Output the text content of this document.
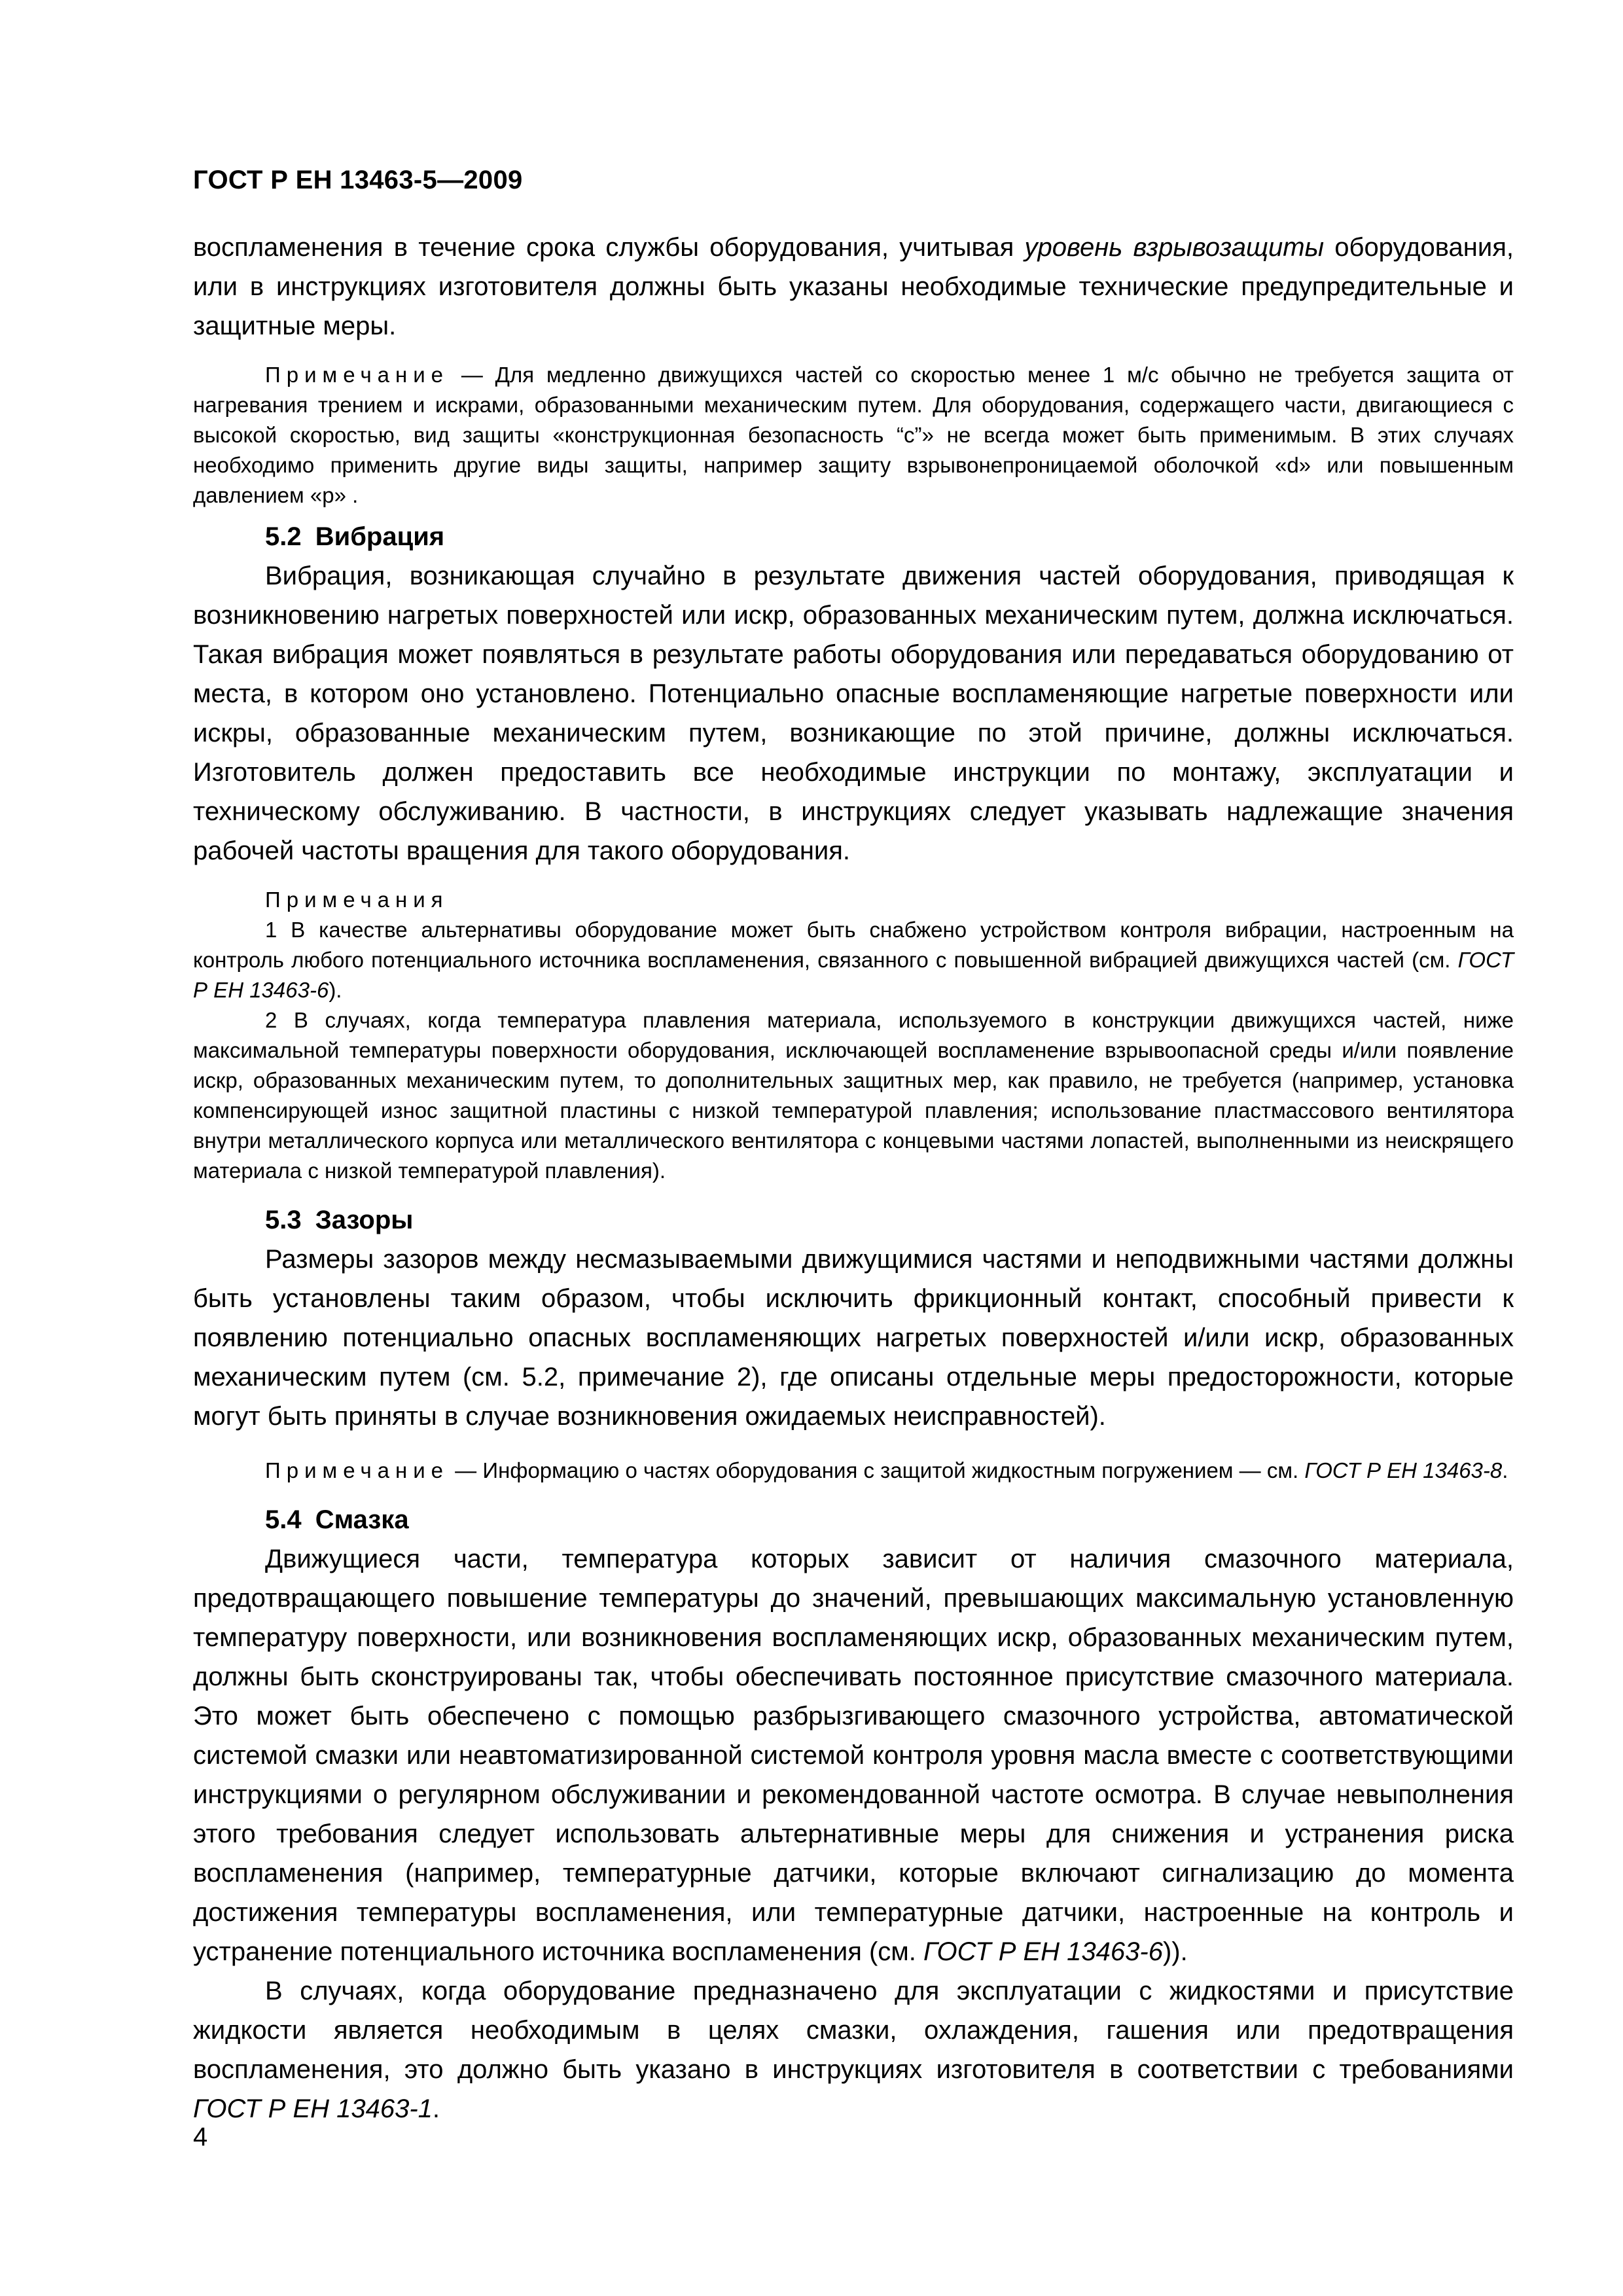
ГОСТ Р ЕН 13463-5—2009

воспламенения в течение срока службы оборудования, учитывая уровень взрывозащиты оборудования, или в инструкциях изготовителя должны быть указаны необходимые технические предупредительные и защитные меры.

Примечание — Для медленно движущихся частей со скоростью менее 1 м/с обычно не требуется защита от нагревания трением и искрами, образованными механическим путем. Для оборудования, содержащего части, двигающиеся с высокой скоростью, вид защиты «конструкционная безопасность “с”» не всегда может быть применимым. В этих случаях необходимо применить другие виды защиты, например защиту взрывонепроницаемой оболочкой «d» или повышенным давлением «р» .

5.2 Вибрация

Вибрация, возникающая случайно в результате движения частей оборудования, приводящая к возникновению нагретых поверхностей или искр, образованных механическим путем, должна исключаться. Такая вибрация может появляться в результате работы оборудования или передаваться оборудованию от места, в котором оно установлено. Потенциально опасные воспламеняющие нагретые поверхности или искры, образованные механическим путем, возникающие по этой причине, должны исключаться. Изготовитель должен предоставить все необходимые инструкции по монтажу, эксплуатации и техническому обслуживанию. В частности, в инструкциях следует указывать надлежащие значения рабочей частоты вращения для такого оборудования.

Примечания

1 В качестве альтернативы оборудование может быть снабжено устройством контроля вибрации, настроенным на контроль любого потенциального источника воспламенения, связанного с повышенной вибрацией движущихся частей (см. ГОСТ Р ЕН 13463-6).

2 В случаях, когда температура плавления материала, используемого в конструкции движущихся частей, ниже максимальной температуры поверхности оборудования, исключающей воспламенение взрывоопасной среды и/или появление искр, образованных механическим путем, то дополнительных защитных мер, как правило, не требуется (например, установка компенсирующей износ защитной пластины с низкой температурой плавления; использование пластмассового вентилятора внутри металлического корпуса или металлического вентилятора с концевыми частями лопастей, выполненными из неискрящего материала с низкой температурой плавления).

5.3 Зазоры

Размеры зазоров между несмазываемыми движущимися частями и неподвижными частями должны быть установлены таким образом, чтобы исключить фрикционный контакт, способный привести к появлению потенциально опасных воспламеняющих нагретых поверхностей и/или искр, образованных механическим путем (см. 5.2, примечание 2), где описаны отдельные меры предосторожности, которые могут быть приняты в случае возникновения ожидаемых неисправностей).

Примечание — Информацию о частях оборудования с защитой жидкостным погружением — см. ГОСТ Р ЕН 13463-8.

5.4 Смазка

Движущиеся части, температура которых зависит от наличия смазочного материала, предотвращающего повышение температуры до значений, превышающих максимальную установленную температуру поверхности, или возникновения воспламеняющих искр, образованных механическим путем, должны быть сконструированы так, чтобы обеспечивать постоянное присутствие смазочного материала. Это может быть обеспечено с помощью разбрызгивающего смазочного устройства, автоматической системой смазки или неавтоматизированной системой контроля уровня масла вместе с соответствующими инструкциями о регулярном обслуживании и рекомендованной частоте осмотра. В случае невыполнения этого требования следует использовать альтернативные меры для снижения и устранения риска воспламенения (например, температурные датчики, которые включают сигнализацию до момента достижения температуры воспламенения, или температурные датчики, настроенные на контроль и устранение потенциального источника воспламенения (см. ГОСТ Р ЕН 13463-6)).

В случаях, когда оборудование предназначено для эксплуатации с жидкостями и присутствие жидкости является необходимым в целях смазки, охлаждения, гашения или предотвращения воспламенения, это должно быть указано в инструкциях изготовителя в соответствии с требованиями ГОСТ Р ЕН 13463-1.

4
